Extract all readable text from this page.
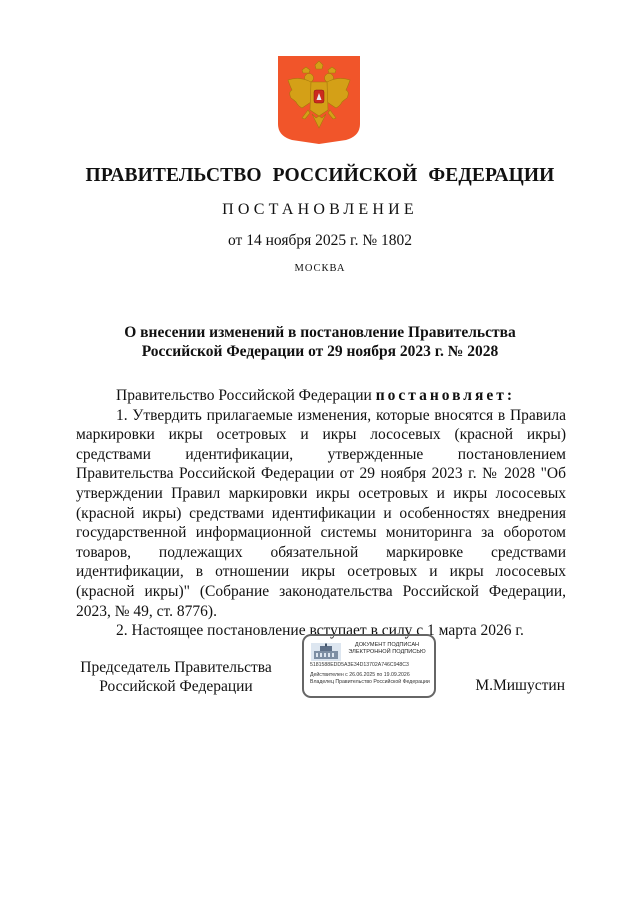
ПРАВИТЕЛЬСТВО РОССИЙСКОЙ ФЕДЕРАЦИИ
ПОСТАНОВЛЕНИЕ
от 14 ноября 2025 г. № 1802
МОСКВА
О внесении изменений в постановление Правительства
Российской Федерации от 29 ноября 2023 г. № 2028

Правительство Российской Федерации постановляет:

1. Утвердить прилагаемые изменения, которые вносятся в Правила маркировки икры осетровых и икры лососевых (красной икры) средствами идентификации, утвержденные постановлением Правительства Российской Федерации от 29 ноября 2023 г. № 2028 "Об утверждении Правил маркировки икры осетровых и икры лососевых (красной икры) средствами идентификации и особенностях внедрения государственной информационной системы мониторинга за оборотом товаров, подлежащих обязательной маркировке средствами идентификации, в отношении икры осетровых и икры лососевых (красной икры)" (Собрание законодательства Российской Федерации, 2023, № 49, ст. 8776).

2. Настоящее постановление вступает в силу с 1 марта 2026 г.

Председатель Правительства
Российской Федерации	М.Мишустин
ДОКУМЕНТ ПОДПИСАН
ЭЛЕКТРОННОЙ ПОДПИСЬЮ
5181588EDD5A3E34D13702A746C948C3
Действителен с 26.06.2025 по 19.09.2026
Владелец Правительство Российской Федерации
